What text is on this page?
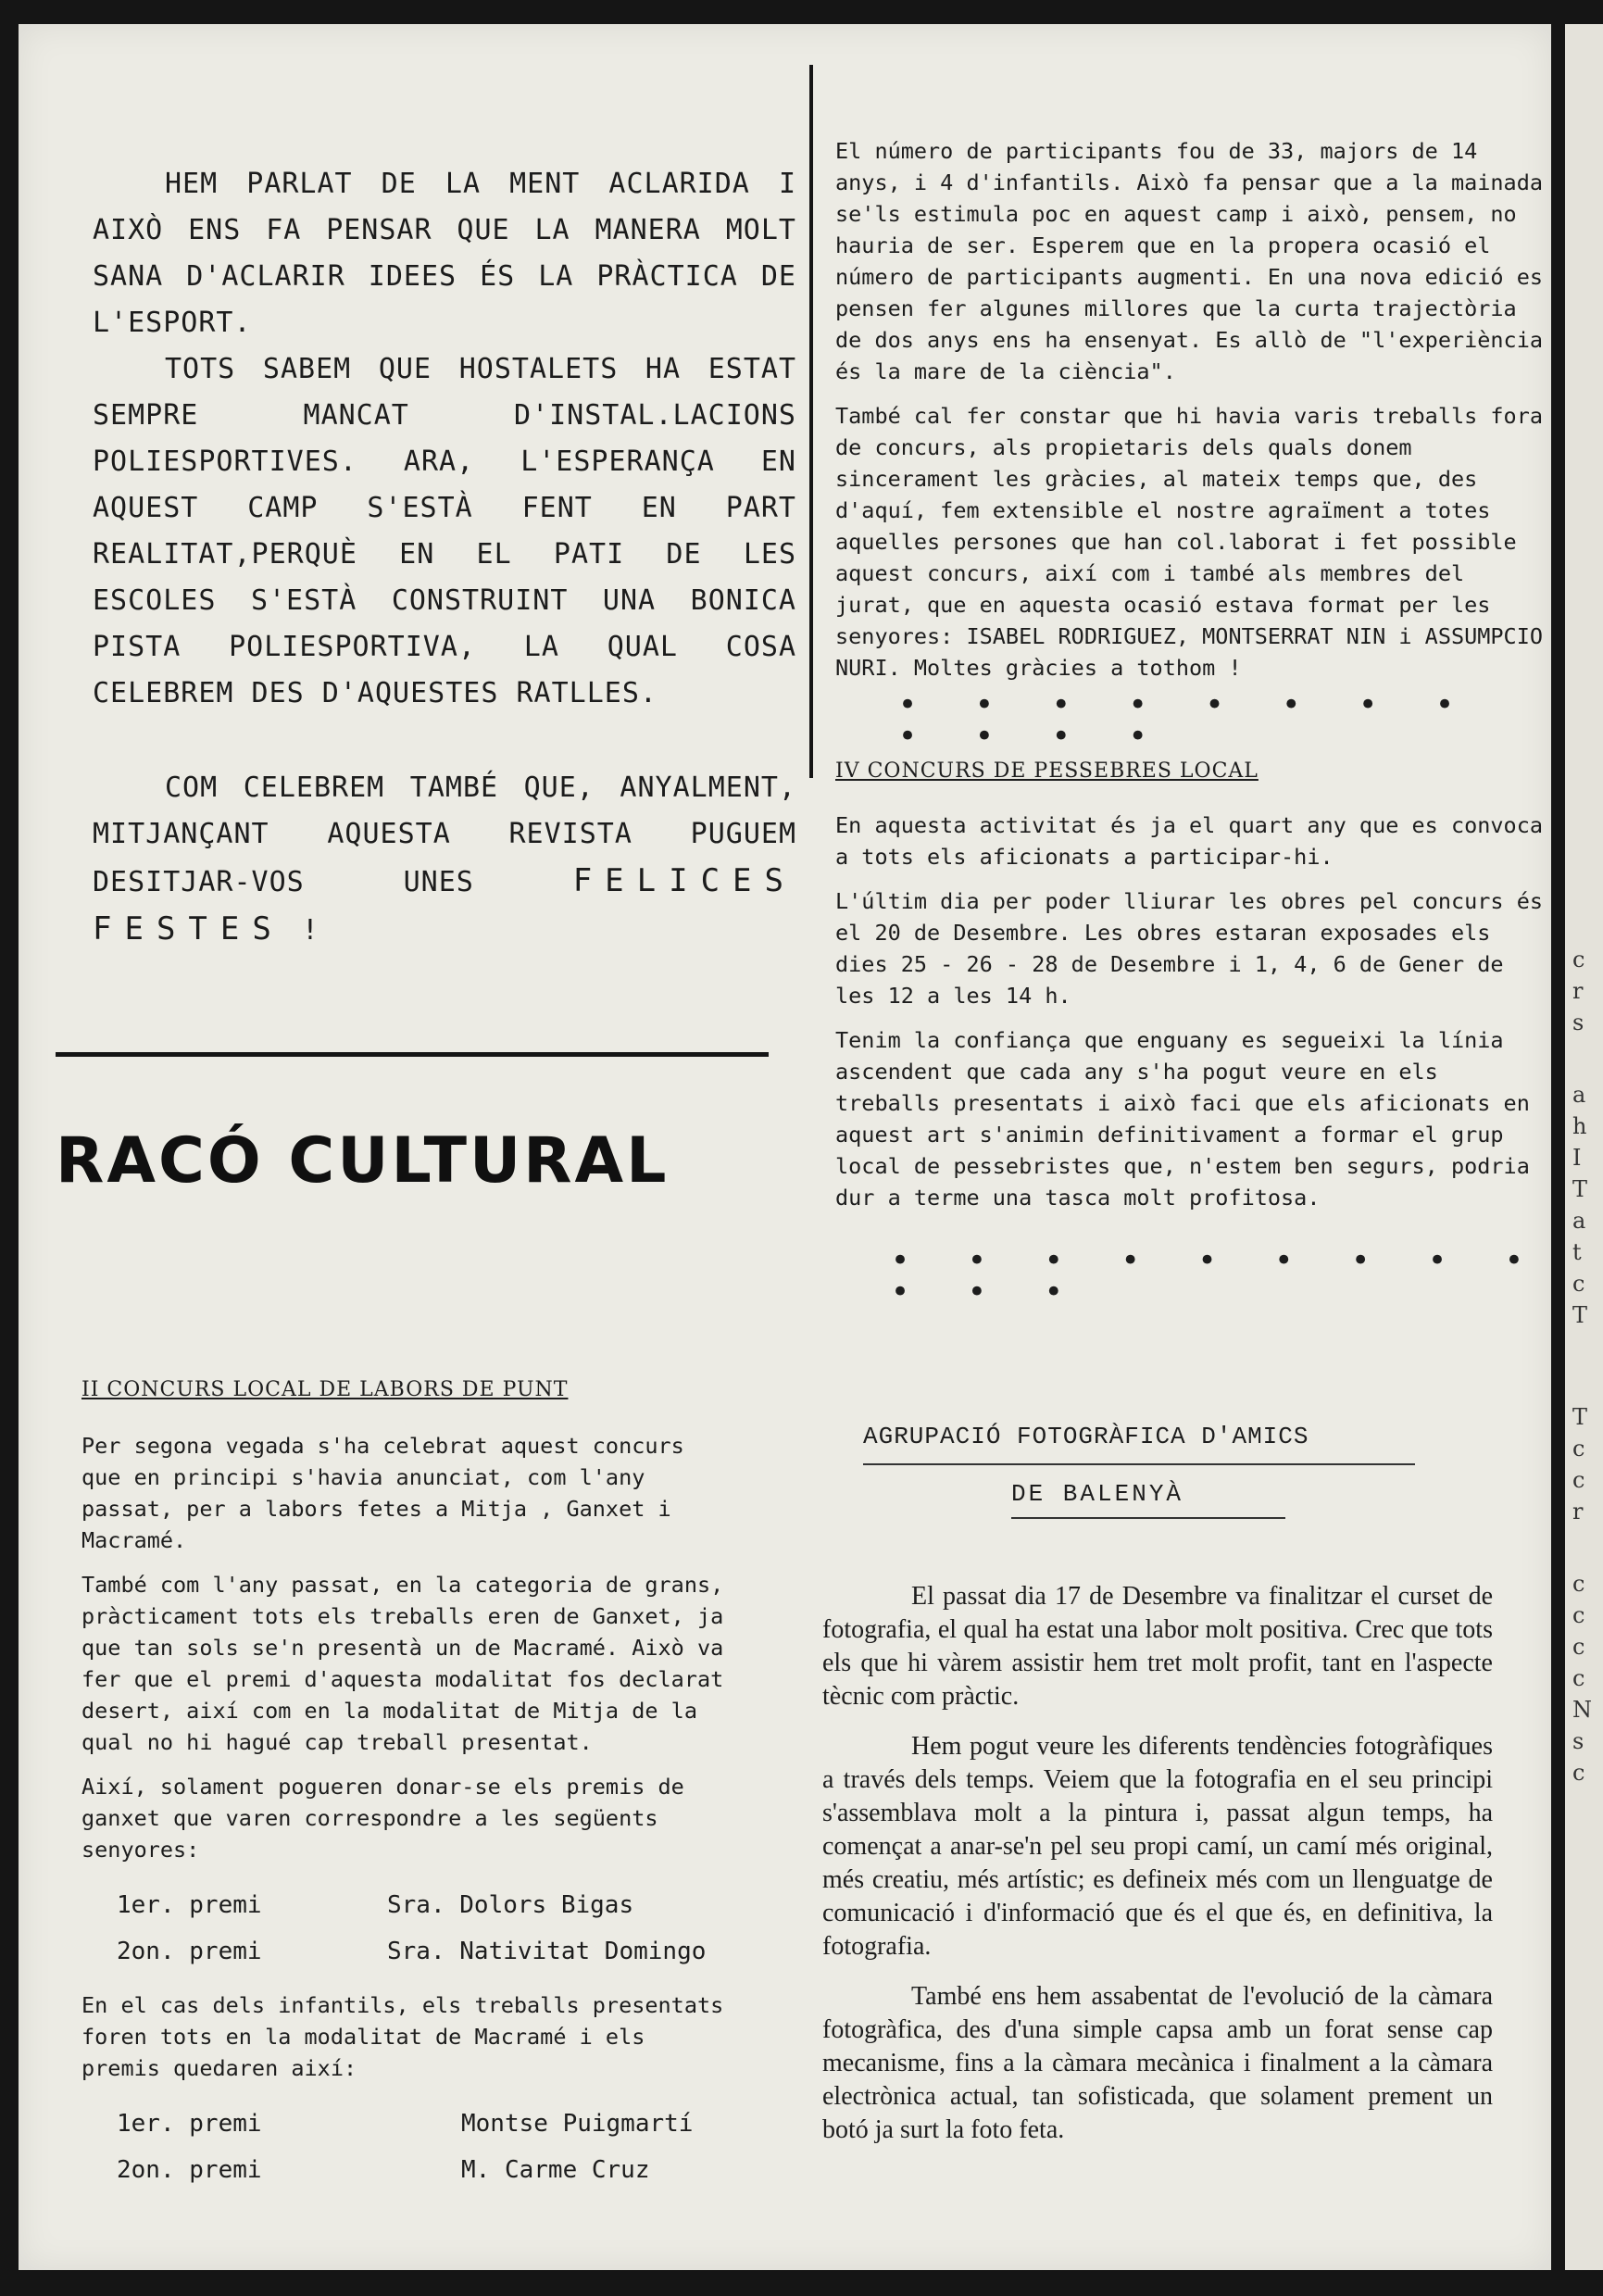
HEM PARLAT DE LA MENT ACLARIDA I AIXÒ ENS FA PENSAR QUE LA MANERA MOLT SANA D'ACLARIR IDEES ÉS LA PRÀCTICA DE L'ESPORT.

TOTS SABEM QUE HOSTALETS HA ESTAT SEMPRE MANCAT D'INSTAL.LACIONS POLIESPORTIVES. ARA, L'ESPERANÇA EN AQUEST CAMP S'ESTÀ FENT EN PART REALITAT,PERQUÈ EN EL PATI DE LES ESCOLES S'ESTÀ CONSTRUINT UNA BONICA PISTA POLIESPORTIVA, LA QUAL COSA CELEBREM DES D'AQUESTES RATLLES.

COM CELEBREM TAMBÉ QUE, ANYALMENT, MITJANÇANT AQUESTA REVISTA PUGUEM DESITJAR-VOS UNES	FELICES FESTES !

RACÓ CULTURAL

II CONCURS LOCAL DE LABORS DE PUNT

Per segona vegada s'ha celebrat aquest concurs que en principi s'havia anunciat, com l'any passat, per a labors fetes a Mitja , Ganxet i Macramé.

També com l'any passat, en la categoria de grans, pràcticament tots els treballs eren de Ganxet, ja que tan sols se'n presentà un de Macramé. Això va fer que el premi d'aquesta modalitat fos declarat desert, així com en la modalitat de Mitja de la qual no hi hagué cap treball presentat.

Així, solament pogueren donar-se els premis de ganxet que varen correspondre a les següents senyores:

1er. premi	Sra. Dolors Bigas
2on. premi	Sra. Nativitat Domingo

En el cas dels infantils, els treballs presentats foren tots en la modalitat de Macramé i els premis quedaren així:

1er. premi	Montse Puigmartí
2on. premi	M. Carme Cruz

El número de participants fou de 33, majors de 14 anys, i 4 d'infantils. Això fa pensar que a la mainada se'ls estimula poc en aquest camp i això, pensem, no hauria de ser. Esperem que en la propera ocasió el número de participants augmenti. En una nova edició es pensen fer algunes millores que la curta trajectòria de dos anys ens ha ensenyat. Es allò de "l'experiència és la mare de la ciència".

També cal fer constar que hi havia varis treballs fora de concurs, als propietaris dels quals donem sincerament les gràcies, al mateix temps que, des d'aquí, fem extensible el nostre agraïment a totes aquelles persones que han col.laborat i fet possible aquest concurs, així com i també als membres del jurat, que en aquesta ocasió estava format per les senyores: ISABEL RODRIGUEZ, MONTSERRAT NIN i ASSUMPCIO NURI. Moltes gràcies a tothom !

• • • • • • • • • • • •

IV CONCURS DE PESSEBRES LOCAL

En aquesta activitat és ja el quart any que es convoca a tots els aficionats a participar-hi.

L'últim dia per poder lliurar les obres pel concurs és el 20 de Desembre. Les obres estaran exposades els dies 25 - 26 - 28 de Desembre i 1, 4, 6 de Gener de les 12 a les 14 h.

Tenim la confiança que enguany es segueixi la línia ascendent que cada any s'ha pogut veure en els treballs presentats i això faci que els aficionats en aquest art s'animin definitivament a formar el grup local de pessebristes que, n'estem ben segurs, podria dur a terme una tasca molt profitosa.

• • • • • • • • • • • •
AGRUPACIÓ FOTOGRÀFICA D'AMICS
DE BALENYÀ

El passat dia 17 de Desembre va finalitzar el curset de fotografia, el qual ha estat una labor molt positiva. Crec que tots els que hi vàrem assistir hem tret molt profit, tant en l'aspecte tècnic com pràctic.

Hem pogut veure les diferents tendències fotogràfiques a través dels temps. Veiem que la fotografia en el seu principi s'assemblava molt a la pintura i, passat algun temps, ha començat a anar-se'n pel seu propi camí, un camí més original, més creatiu, més artístic; es defineix més com un llenguatge de comunicació i d'informació que és el que és, en definitiva, la fotografia.

També ens hem assabentat de l'evolució de la càmara fotogràfica, des d'una simple capsa amb un forat sense cap mecanisme, fins a la càmara mecànica i finalment a la càmara electrònica actual, tan sofisticada, que solament prement un botó ja surt la foto feta.

c
r
s
a
h
I
T
a
t
c
T
T
c
c
r
c
c
c
c
N
s
c
